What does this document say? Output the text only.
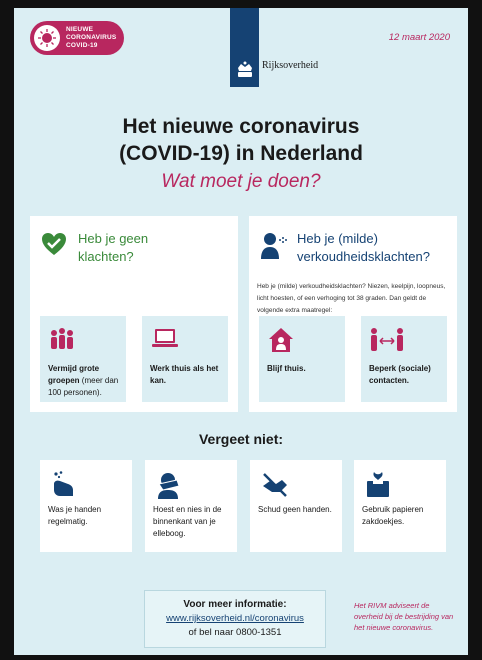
NIEUWE
CORONAVIRUS
COVID-19
Rijksoverheid
12 maart 2020
Het nieuwe coronavirus
(COVID-19) in Nederland
Wat moet je doen?
Heb je geen
klachten?
Vermijd grote groepen (meer dan 100 personen).
Werk thuis als het kan.
Heb je (milde)
verkoudheidsklachten?
Heb je (milde) verkoudheidsklachten? Niezen, keelpijn, loopneus, licht hoesten, of een verhoging tot 38 graden. Dan geldt de volgende extra maatregel:
Blijf thuis.	Beperk (sociale) contacten.
Vergeet niet:
Was je handen regelmatig.
Hoest en nies in de binnenkant van je elleboog.
Schud geen handen.	Gebruik papieren zakdoekjes.
Voor meer informatie:
www.rijksoverheid.nl/coronavirus
of bel naar 0800-1351
Het RIVM adviseert de overheid bij de bestrijding van het nieuwe coronavirus.
